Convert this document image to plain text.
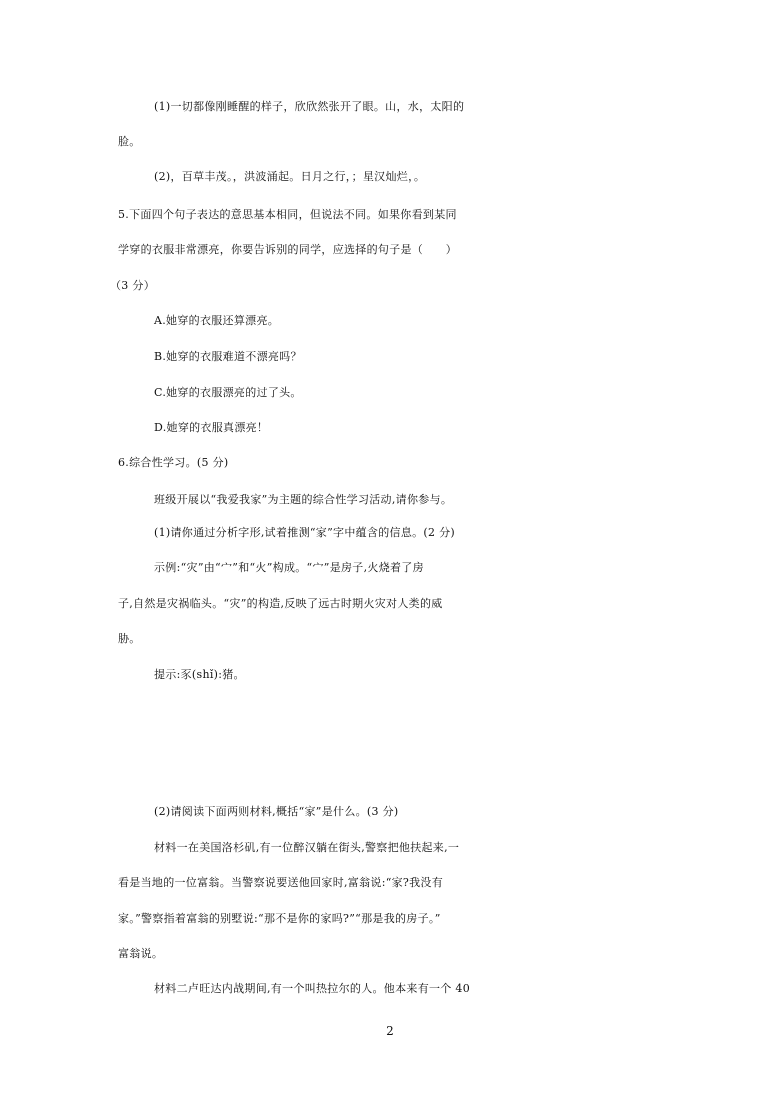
(1)一切都像刚睡醒的样子，欣欣然张开了眼。山，水，太阳的
脸。
(2)，百草丰茂。，洪波涌起。日月之行，；星汉灿烂，。
5.下面四个句子表达的意思基本相同，但说法不同。如果你看到某同
学穿的衣服非常漂亮，你要告诉别的同学，应选择的句子是（　　）
（3 分）
A.她穿的衣服还算漂亮。
B.她穿的衣服难道不漂亮吗？
C.她穿的衣服漂亮的过了头。
D.她穿的衣服真漂亮！
6.综合性学习。(5 分)
班级开展以“我爱我家”为主题的综合性学习活动,请你参与。
(1)请你通过分析字形,试着推测“家”字中蕴含的信息。(2 分)
示例:“灾”由“宀”和“火”构成。“宀”是房子,火烧着了房
子,自然是灾祸临头。“灾”的构造,反映了远古时期火灾对人类的威
胁。
提示:豕(shǐ):猪。
(2)请阅读下面两则材料,概括“家”是什么。(3 分)
材料一在美国洛杉矶,有一位醉汉躺在街头,警察把他扶起来,一
看是当地的一位富翁。当警察说要送他回家时,富翁说:“家?我没有
家。”警察指着富翁的别墅说:“那不是你的家吗?”“那是我的房子。”
富翁说。
材料二卢旺达内战期间,有一个叫热拉尔的人。他本来有一个 40
2
